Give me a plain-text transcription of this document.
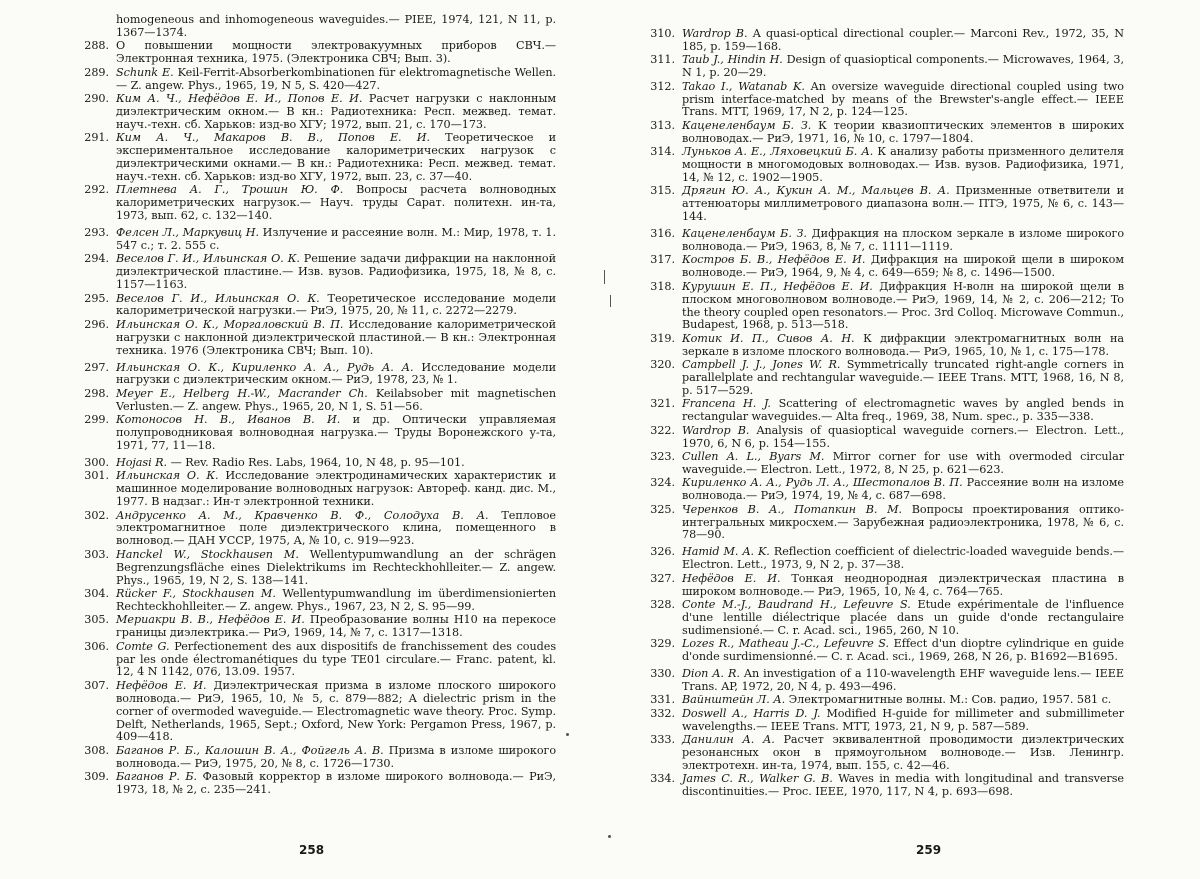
homogeneous and inhomogeneous waveguides.— PIEE, 1974, 121, N 11, p. 1367—1374.
288. О повышении мощности электровакуумных приборов СВЧ.— Электронная техника, 1975. (Электроника СВЧ; Вып. 3).
289. Schunk E. Keil-Ferrit-Absorberkombinationen für elektromagnetische Wellen.— Z. angew. Phys., 1965, 19, N 5, S. 420—427.
290. Ким А. Ч., Нефёдов Е. И., Попов Е. И. Расчет нагрузки с наклонным диэлектрическим окном.— В кн.: Радиотехника: Респ. межвед. темат. науч.-техн. сб. Харьков: изд-во ХГУ; 1972, вып. 21, с. 170—173.
291. Ким А. Ч., Макаров В. В., Попов Е. И. Теоретическое и экспериментальное исследование калориметрических нагрузок с диэлектрическими окнами.— В кн.: Радиотехника: Респ. межвед. темат. науч.-техн. сб. Харьков: изд-во ХГУ, 1972, вып. 23, с. 37—40.
292. Плетнева А. Г., Трошин Ю. Ф. Вопросы расчета волноводных калориметрических нагрузок.— Науч. труды Сарат. политехн. ин-та, 1973, вып. 62, с. 132—140.
293. Фелсен Л., Маркувиц Н. Излучение и рассеяние волн. М.: Мир, 1978, т. 1. 547 с.; т. 2. 555 с.
294. Веселов Г. И., Ильинская О. К. Решение задачи дифракции на наклонной диэлектрической пластине.— Изв. вузов. Радиофизика, 1975, 18, № 8, с. 1157—1163.
295. Веселов Г. И., Ильинская О. К. Теоретическое исследование модели калориметрической нагрузки.— РиЭ, 1975, 20, № 11, с. 2272—2279.
296. Ильинская О. К., Моргаловский В. П. Исследование калориметрической нагрузки с наклонной диэлектрической пластиной.— В кн.: Электронная техника. 1976 (Электроника СВЧ; Вып. 10).
297. Ильинская О. К., Кириленко А. А., Рудь А. А. Исследование модели нагрузки с диэлектрическим окном.— РиЭ, 1978, 23, № 1.
298. Meyer E., Helberg H.-W., Macrander Ch. Keilabsober mit magnetischen Verlusten.— Z. angew. Phys., 1965, 20, N 1, S. 51—56.
299. Котоносов Н. В., Иванов В. И. и др. Оптически управляемая полупроводниковая волноводная нагрузка.— Труды Воронежского у-та, 1971, 77, 11—18.
300. Hojasi R. — Rev. Radio Res. Labs, 1964, 10, N 48, p. 95—101.
301. Ильинская О. К. Исследование электродинамических характеристик и машинное моделирование волноводных нагрузок: Автореф. канд. дис. М., 1977. В надзаг.: Ин-т электронной техники.
302. Андрусенко А. М., Кравченко В. Ф., Солодуха В. А. Тепловое электромагнитное поле диэлектрического клина, помещенного в волновод.— ДАН УССР, 1975, А, № 10, с. 919—923.
303. Hanckel W., Stockhausen M. Wellentypumwandlung an der schrägen Begrenzungsfläche eines Dielektrikums im Rechteckhohlleiter.— Z. angew. Phys., 1965, 19, N 2, S. 138—141.
304. Rücker F., Stockhausen M. Wellentypumwandlung im überdimensionierten Rechteckhohlleiter.— Z. angew. Phys., 1967, 23, N 2, S. 95—99.
305. Мериакри В. В., Нефёдов Е. И. Преобразование волны H10 на перекосе границы диэлектрика.— РиЭ, 1969, 14, № 7, с. 1317—1318.
306. Comte G. Perfectionement des aux dispositifs de franchissement des coudes par les onde électromanétiques du type TE01 circulare.— Franc. patent, kl. 12, 4 N 1142, 076, 13.09. 1957.
307. Нефёдов Е. И. Диэлектрическая призма в изломе плоского широкого волновода.— РиЭ, 1965, 10, № 5, с. 879—882; A dielectric prism in the corner of overmoded waveguide.— Electromagnetic wave theory. Proc. Symp. Delft, Netherlands, 1965, Sept.; Oxford, New York: Pergamon Press, 1967, p. 409—418.
308. Баганов Р. Б., Калошин В. А., Фойгель А. В. Призма в изломе широкого волновода.— РиЭ, 1975, 20, № 8, с. 1726—1730.
309. Баганов Р. Б. Фазовый корректор в изломе широкого волновода.— РиЭ, 1973, 18, № 2, с. 235—241.
258
310. Wardrop B. A quasi-optical directional coupler.— Marconi Rev., 1972, 35, N 185, p. 159—168.
311. Taub J., Hindin H. Design of quasioptical components.— Microwaves, 1964, 3, N 1, p. 20—29.
312. Takao I., Watanab K. An oversize waveguide directional coupled using two prism interface-matched by means of the Brewster's-angle effect.— IEEE Trans. MTT, 1969, 17, N 2, p. 124—125.
313. Каценеленбаум Б. З. К теории квазиоптических элементов в широких волноводах.— РиЭ, 1971, 16, № 10, с. 1797—1804.
314. Луньков А. Е., Ляховецкий Б. А. К анализу работы призменного делителя мощности в многомодовых волноводах.— Изв. вузов. Радиофизика, 1971, 14, № 12, с. 1902—1905.
315. Дрягин Ю. А., Кукин А. М., Мальцев В. А. Призменные ответвители и аттенюаторы миллиметрового диапазона волн.— ПТЭ, 1975, № 6, с. 143—144.
316. Каценеленбаум Б. З. Дифракция на плоском зеркале в изломе широкого волновода.— РиЭ, 1963, 8, № 7, с. 1111—1119.
317. Костров Б. В., Нефёдов Е. И. Дифракция на широкой щели в широком волноводе.— РиЭ, 1964, 9, № 4, с. 649—659; № 8, с. 1496—1500.
318. Курушин Е. П., Нефёдов Е. И. Дифракция H-волн на широкой щели в плоском многоволновом волноводе.— РиЭ, 1969, 14, № 2, с. 206—212; To the theory coupled open resonators.— Proc. 3rd Colloq. Microwave Commun., Budapest, 1968, p. 513—518.
319. Котик И. П., Сивов А. Н. К дифракции электромагнитных волн на зеркале в изломе плоского волновода.— РиЭ, 1965, 10, № 1, с. 175—178.
320. Campbell J. J., Jones W. R. Symmetrically truncated right-angle corners in parallelplate and rechtangular waveguide.— IEEE Trans. MTT, 1968, 16, N 8, p. 517—529.
321. Francena H. J. Scattering of electromagnetic waves by angled bends in rectangular waveguides.— Alta freq., 1969, 38, Num. spec., p. 335—338.
322. Wardrop B. Analysis of quasioptical waveguide corners.— Electron. Lett., 1970, 6, N 6, p. 154—155.
323. Cullen A. L., Byars M. Mirror corner for use with overmoded circular waveguide.— Electron. Lett., 1972, 8, N 25, p. 621—623.
324. Кириленко А. А., Рудь Л. А., Шестопалов В. П. Рассеяние волн на изломе волновода.— РиЭ, 1974, 19, № 4, с. 687—698.
325. Черенков В. А., Потапкин В. М. Вопросы проектирования оптико-интегральных микросхем.— Зарубежная радиоэлектроника, 1978, № 6, с. 78—90.
326. Hamid M. A. K. Reflection coefficient of dielectric-loaded waveguide bends.— Electron. Lett., 1973, 9, N 2, p. 37—38.
327. Нефёдов Е. И. Тонкая неоднородная диэлектрическая пластина в широком волноводе.— РиЭ, 1965, 10, № 4, с. 764—765.
328. Conte M.-J., Baudrand H., Lefeuvre S. Etude expérimentale de l'influence d'une lentille diélectrique placée dans un guide d'onde rectangulaire sudimensioné.— C. r. Acad. sci., 1965, 260, N 10.
329. Lozes R., Matheau J.-C., Lefeuvre S. Effect d'un dioptre cylindrique en guide d'onde surdimensionné.— C. r. Acad. sci., 1969, 268, N 26, p. B1692—B1695.
330. Dion A. R. An investigation of a 110-wavelength EHF waveguide lens.— IEEE Trans. AP, 1972, 20, N 4, p. 493—496.
331. Вайнштейн Л. А. Электромагнитные волны. М.: Сов. радио, 1957. 581 с.
332. Doswell A., Harris D. J. Modified H-guide for millimeter and submillimeter wavelengths.— IEEE Trans. MTT, 1973, 21, N 9, p. 587—589.
333. Данилин А. А. Расчет эквивалентной проводимости диэлектрических резонансных окон в прямоугольном волноводе.— Изв. Ленингр. электротехн. ин-та, 1974, вып. 155, с. 42—46.
334. James C. R., Walker G. B. Waves in media with longitudinal and transverse discontinuities.— Proc. IEEE, 1970, 117, N 4, p. 693—698.
259
